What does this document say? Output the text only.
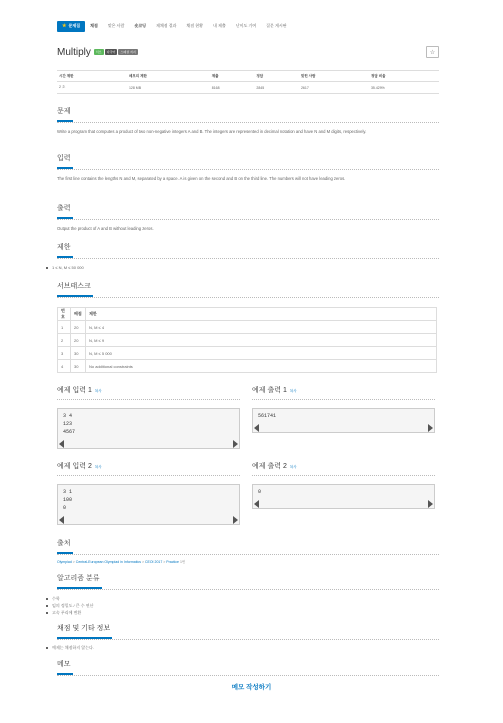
★ 문제집	채점	맞은 사람	숏코딩	재채점 결과	채점 현황	내 제출	난이도 기여	질문 게시판
Multiply	서브	다국어	스페셜 저지	☆
시간 제한	메모리 제한	제출	정답	맞힌 사람	정답 비율
2 초	128 MB	8168	2845	2617	35.429%
문제
Write a program that computes a product of two non-negative integers A and B. The integers are represented in decimal notation and have N and M digits, respectively.
입력
The first line contains the lengths N and M, separated by a space. A is given on the second and B on the third line. The numbers will not have leading zeros.
출력
Output the product of A and B without leading zeros.
제한
1 ≤ N, M ≤ 50 000
서브태스크
번호	배점	제한
1	20	N, M ≤ 4
2	20	N, M ≤ 9
3	30	N, M ≤ 5 000
4	30	No additional constraints
예제 입력 1 복사
3 4
123
4567
예제 출력 1 복사
561741
예제 입력 2 복사
3 1
100
0
예제 출력 2 복사
0
출처
Olympiad > Central-European Olympiad in Informatics > CEOI 2017 > Practice 1번
알고리즘 분류
수학
임의 정밀도 / 큰 수 연산
고속 푸리에 변환
채점 및 기타 정보
예제는 채점하지 않는다.
메모
메모 작성하기
